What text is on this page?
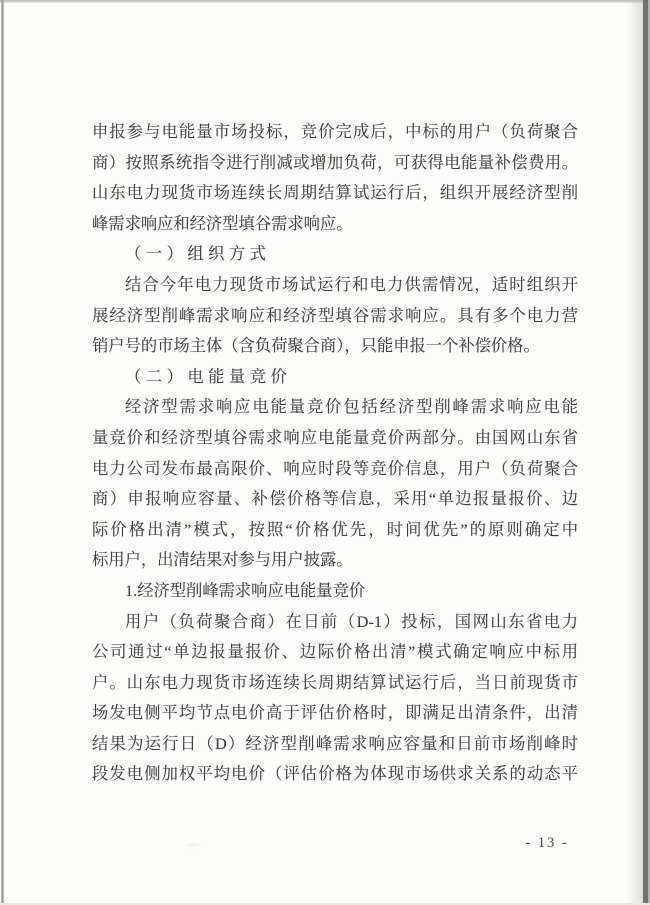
申报参与电能量市场投标，竞价完成后，中标的用户（负荷聚合
商）按照系统指令进行削减或增加负荷，可获得电能量补偿费用。
山东电力现货市场连续长周期结算试运行后，组织开展经济型削
峰需求响应和经济型填谷需求响应。
（一）组织方式
结合今年电力现货市场试运行和电力供需情况，适时组织开
展经济型削峰需求响应和经济型填谷需求响应。具有多个电力营
销户号的市场主体（含负荷聚合商），只能申报一个补偿价格。
（二）电能量竞价
经济型需求响应电能量竞价包括经济型削峰需求响应电能
量竞价和经济型填谷需求响应电能量竞价两部分。由国网山东省
电力公司发布最高限价、响应时段等竞价信息，用户（负荷聚合
商）申报响应容量、补偿价格等信息，采用“单边报量报价、边
际价格出清”模式，按照“价格优先，时间优先”的原则确定中
标用户，出清结果对参与用户披露。
1.经济型削峰需求响应电能量竞价
用户（负荷聚合商）在日前（D-1）投标，国网山东省电力
公司通过“单边报量报价、边际价格出清”模式确定响应中标用
户。山东电力现货市场连续长周期结算试运行后，当日前现货市
场发电侧平均节点电价高于评估价格时，即满足出清条件，出清
结果为运行日（D）经济型削峰需求响应容量和日前市场削峰时
段发电侧加权平均电价（评估价格为体现市场供求关系的动态平
- 13 -
